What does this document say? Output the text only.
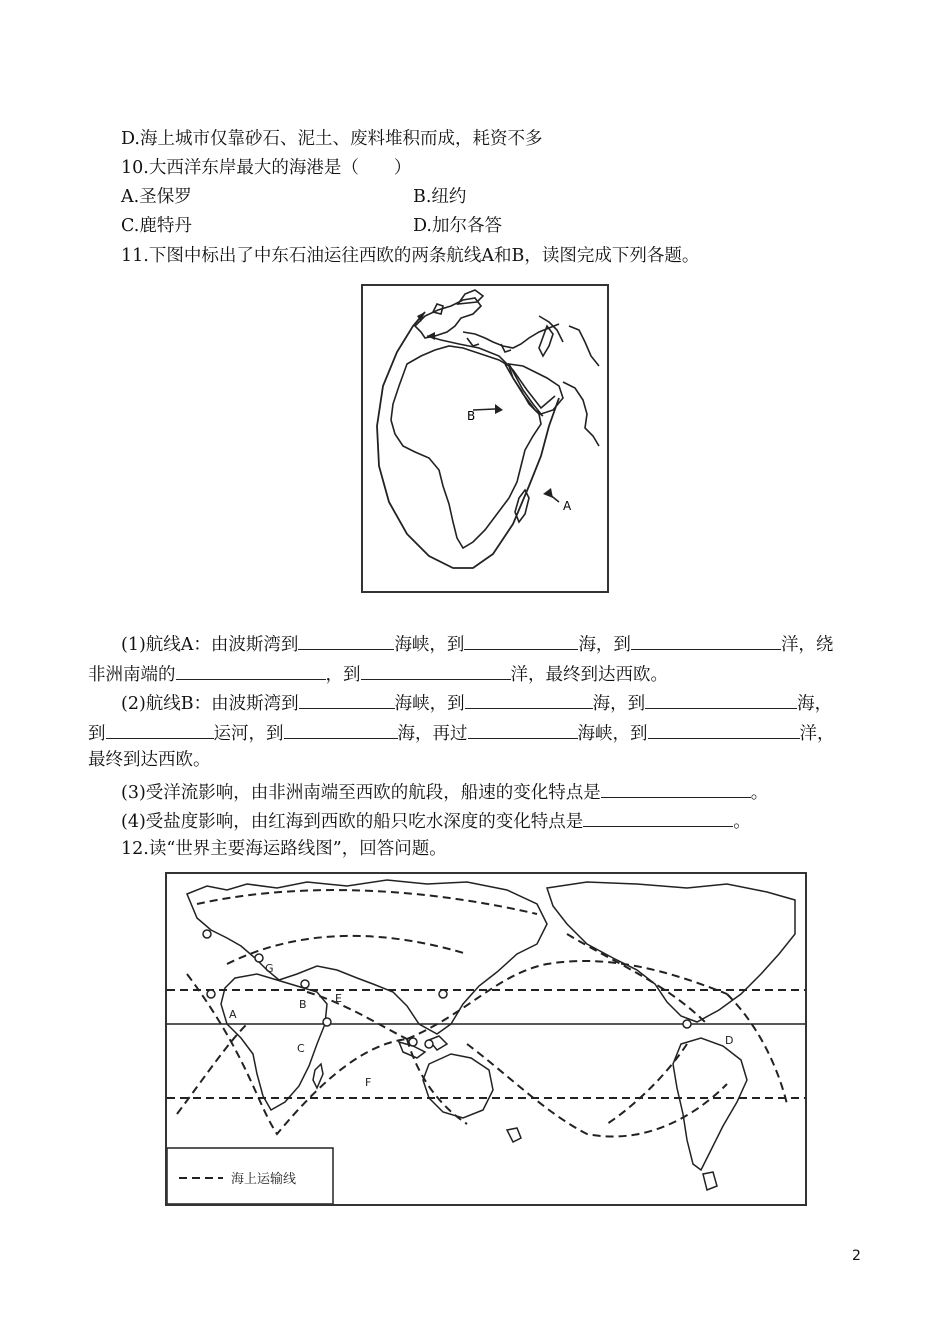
D.海上城市仅靠砂石、泥土、废料堆积而成，耗资不多
10.大西洋东岸最大的海港是（　　）
A.圣保罗	B.纽约
C.鹿特丹	D.加尔各答
11.下图中标出了中东石油运往西欧的两条航线A和B，读图完成下列各题。
B
A
(1)航线A：由波斯湾到	海峡，到	海，到	洋，绕
非洲南端的	，到	洋，最终到达西欧。
(2)航线B：由波斯湾到	海峡，到	海，到	海，
到	运河，到	海，再过	海峡，到	洋，
最终到达西欧。
(3)受洋流影响，由非洲南端至西欧的航段，船速的变化特点是	。
(4)受盐度影响，由红海到西欧的船只吃水深度的变化特点是	。
12.读“世界主要海运路线图”，回答问题。
A
B
C
D
E
F
G
海上运输线
2
